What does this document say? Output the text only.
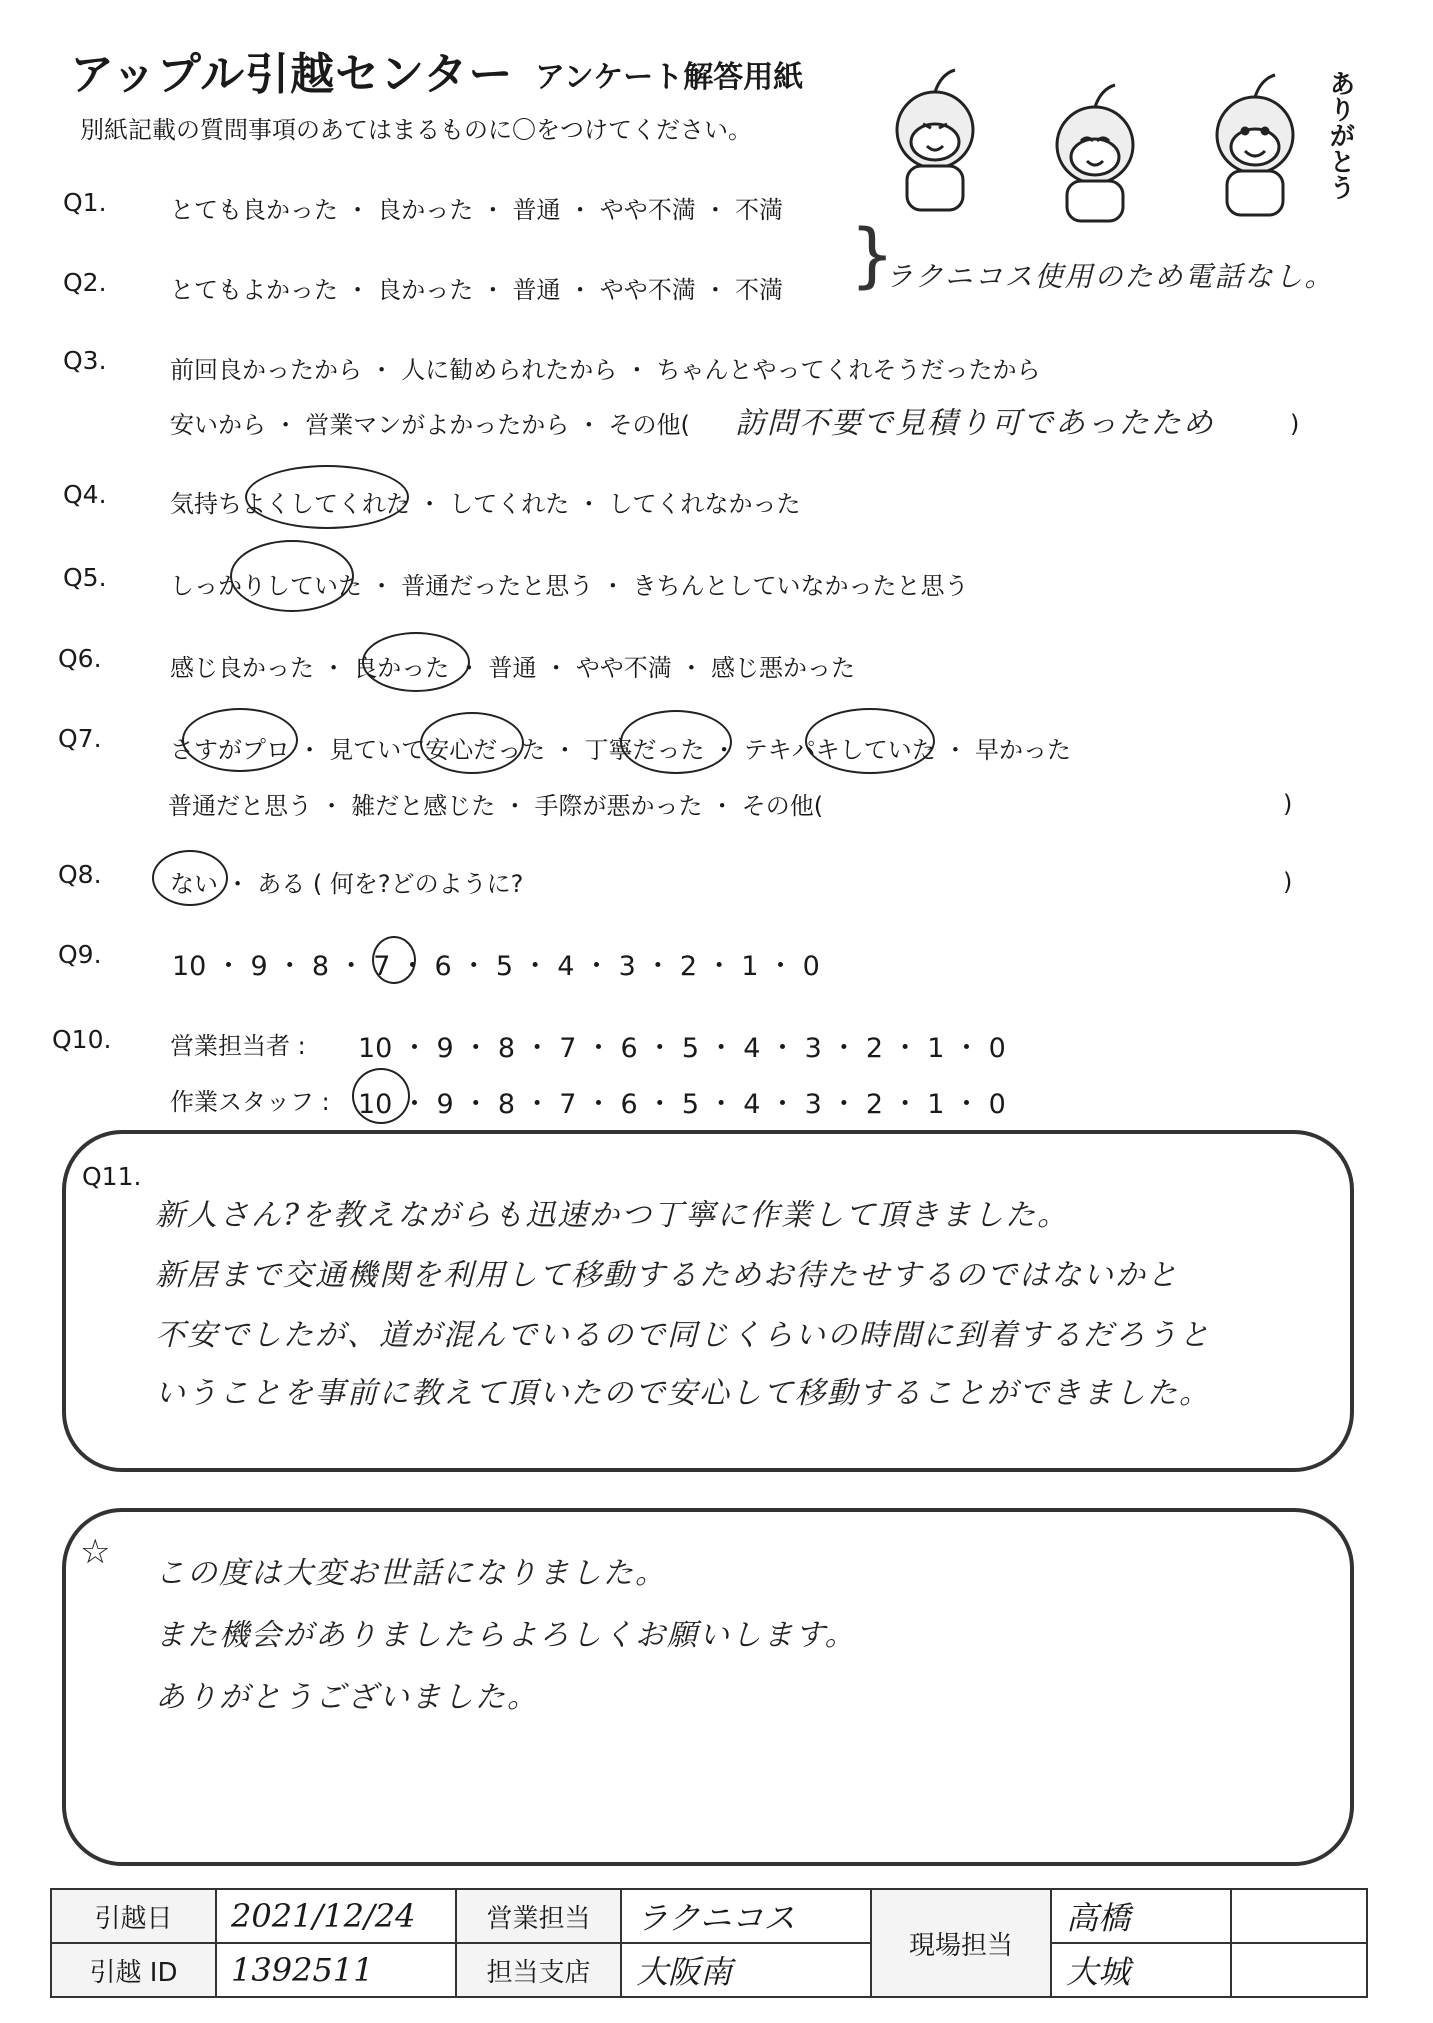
アップル引越センター アンケート解答用紙
別紙記載の質問事項のあてはまるものに〇をつけてください。	ありがとう
Q1.	とても良かった ・ 良かった ・ 普通 ・ やや不満 ・ 不満
Q2.	とてもよかった ・ 良かった ・ 普通 ・ やや不満 ・ 不満 }
ラクニコス使用のため電話なし。
Q3.	前回良かったから ・ 人に勧められたから ・ ちゃんとやってくれそうだったから
安いから ・ 営業マンがよかったから ・ その他( 訪問不要で見積り可であったため	)
Q4.	気持ちよくしてくれた ・ してくれた ・ してくれなかった
Q5.	しっかりしていた ・ 普通だったと思う ・ きちんとしていなかったと思う
Q6.	感じ良かった ・ 良かった ・ 普通 ・ やや不満 ・ 感じ悪かった
Q7.	さすがプロ ・ 見ていて安心だった ・ 丁寧だった ・ テキパキしていた ・ 早かった
普通だと思う ・ 雑だと感じた ・ 手際が悪かった ・ その他(	)
Q8.	ない ・ ある ( 何を?どのように?	)
Q9.	10 ・ 9 ・ 8 ・ 7 ・ 6 ・ 5 ・ 4 ・ 3 ・ 2 ・ 1 ・ 0
Q10. 営業担当者 : 10 ・ 9 ・ 8 ・ 7 ・ 6 ・ 5 ・ 4 ・ 3 ・ 2 ・ 1 ・ 0
作業スタッフ : 10 ・ 9 ・ 8 ・ 7 ・ 6 ・ 5 ・ 4 ・ 3 ・ 2 ・ 1 ・ 0
Q11.
新人さん?を教えながらも迅速かつ丁寧に作業して頂きました。
新居まで交通機関を利用して移動するためお待たせするのではないかと
不安でしたが、道が混んでいるので同じくらいの時間に到着するだろうと
いうことを事前に教えて頂いたので安心して移動することができました。
☆
この度は大変お世話になりました。
また機会がありましたらよろしくお願いします。
ありがとうございました。
引越日	2021/12/24	営業担当	ラクニコス	現場担当	高橋	
引越 ID	1392511	担当支店	大阪南		大城	
